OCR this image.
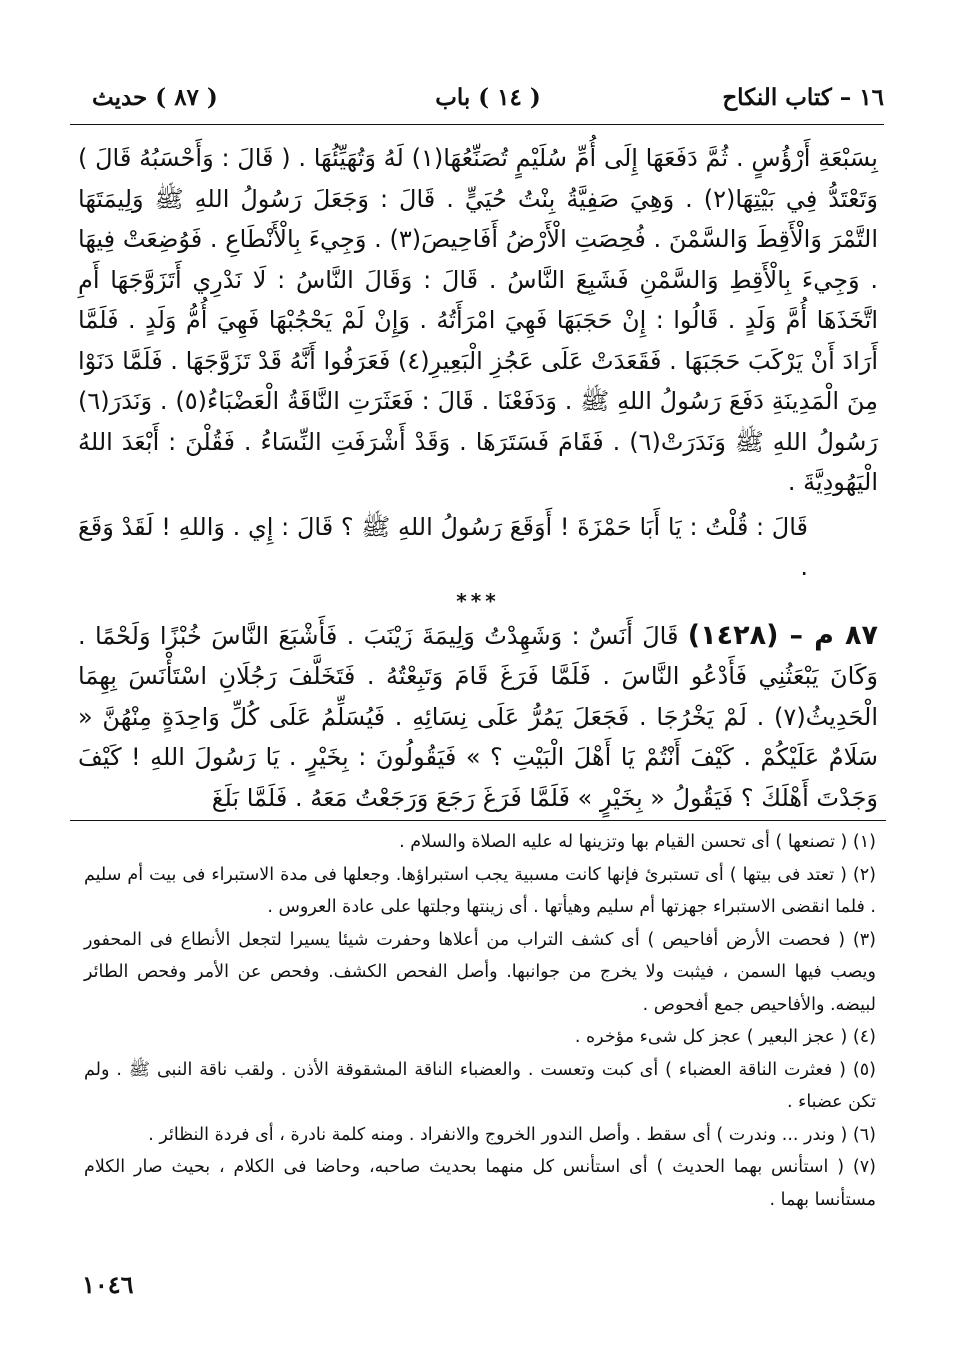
١٦ – كتاب النكاح
( ١٤ ) باب
( ٨٧ ) حديث

بِسَبْعَةِ أَرْؤُسٍ . ثُمَّ دَفَعَهَا إِلَى أُمِّ سُلَيْمٍ تُصَنِّعُهَا(١) لَهُ وَتُهَيِّئُهَا . ( قَالَ : وَأَحْسَبُهُ قَالَ ) وَتَعْتَدُّ فِي بَيْتِهَا(٢) . وَهِيَ صَفِيَّةُ بِنْتُ حُيَيٍّ . قَالَ : وَجَعَلَ رَسُولُ اللهِ ﷺ وَلِيمَتَهَا التَّمْرَ وَالْأَقِطَ وَالسَّمْنَ . فُحِصَتِ الْأَرْضُ أَفَاحِيصَ(٣) . وَجِيءَ بِالْأَنْطَاعِ . فَوُضِعَتْ فِيهَا . وَجِيءَ بِالْأَقِطِ وَالسَّمْنِ فَشَبِعَ النَّاسُ . قَالَ : وَقَالَ النَّاسُ : لَا نَدْرِي أَتَزَوَّجَهَا أَمِ اتَّخَذَهَا أُمَّ وَلَدٍ . قَالُوا : إِنْ حَجَبَهَا فَهِيَ امْرَأَتُهُ . وَإِنْ لَمْ يَحْجُبْهَا فَهِيَ أُمُّ وَلَدٍ . فَلَمَّا أَرَادَ أَنْ يَرْكَبَ حَجَبَهَا . فَقَعَدَتْ عَلَى عَجُزِ الْبَعِيرِ(٤) فَعَرَفُوا أَنَّهُ قَدْ تَزَوَّجَهَا . فَلَمَّا دَنَوْا مِنَ الْمَدِينَةِ دَفَعَ رَسُولُ اللهِ ﷺ . وَدَفَعْنَا . قَالَ : فَعَثَرَتِ النَّاقَةُ الْعَضْبَاءُ(٥) . وَنَدَرَ(٦) رَسُولُ اللهِ ﷺ وَنَدَرَتْ(٦) . فَقَامَ فَسَتَرَهَا . وَقَدْ أَشْرَفَتِ النِّسَاءُ . فَقُلْنَ : أَبْعَدَ اللهُ الْيَهُودِيَّةَ .

قَالَ : قُلْتُ : يَا أَبَا حَمْزَةَ ! أَوَقَعَ رَسُولُ اللهِ ﷺ ؟ قَالَ : إِي . وَاللهِ ! لَقَدْ وَقَعَ .

***

٨٧ م – (١٤٢٨) قَالَ أَنَسٌ : وَشَهِدْتُ وَلِيمَةَ زَيْنَبَ . فَأَشْبَعَ النَّاسَ خُبْزًا وَلَحْمًا . وَكَانَ يَبْعَثُنِي فَأَدْعُو النَّاسَ . فَلَمَّا فَرَغَ قَامَ وَتَبِعْتُهُ . فَتَخَلَّفَ رَجُلَانِ اسْتَأْنَسَ بِهِمَا الْحَدِيثُ(٧) . لَمْ يَخْرُجَا . فَجَعَلَ يَمُرُّ عَلَى نِسَائِهِ . فَيُسَلِّمُ عَلَى كُلِّ وَاحِدَةٍ مِنْهُنَّ « سَلَامٌ عَلَيْكُمْ . كَيْفَ أَنْتُمْ يَا أَهْلَ الْبَيْتِ ؟ » فَيَقُولُونَ : بِخَيْرٍ . يَا رَسُولَ اللهِ ! كَيْفَ وَجَدْتَ أَهْلَكَ ؟ فَيَقُولُ « بِخَيْرٍ » فَلَمَّا فَرَغَ رَجَعَ وَرَجَعْتُ مَعَهُ . فَلَمَّا بَلَغَ

(١) ( تصنعها ) أى تحسن القيام بها وتزينها له عليه الصلاة والسلام .

(٢) ( تعتد فى بيتها ) أى تستبرئ فإنها كانت مسبية يجب استبراؤها. وجعلها فى مدة الاستبراء فى بيت أم سليم . فلما انقضى الاستبراء جهزتها أم سليم وهيأتها . أى زينتها وجلتها على عادة العروس .

(٣) ( فحصت الأرض أفاحيص ) أى كشف التراب من أعلاها وحفرت شيئا يسيرا لتجعل الأنطاع فى المحفور ويصب فيها السمن ، فيثبت ولا يخرج من جوانبها. وأصل الفحص الكشف. وفحص عن الأمر وفحص الطائر لبيضه. والأفاحيص جمع أفحوص .

(٤) ( عجز البعير ) عجز كل شىء مؤخره .

(٥) ( فعثرت الناقة العضباء ) أى كبت وتعست . والعضباء الناقة المشقوقة الأذن . ولقب ناقة النبى ﷺ . ولم تكن عضباء .

(٦) ( وندر ... وندرت ) أى سقط . وأصل الندور الخروج والانفراد . ومنه كلمة نادرة ، أى فردة النظائر .

(٧) ( استأنس بهما الحديث ) أى استأنس كل منهما بحديث صاحبه، وحاضا فى الكلام ، بحيث صار الكلام مستأنسا بهما .

١٠٤٦
